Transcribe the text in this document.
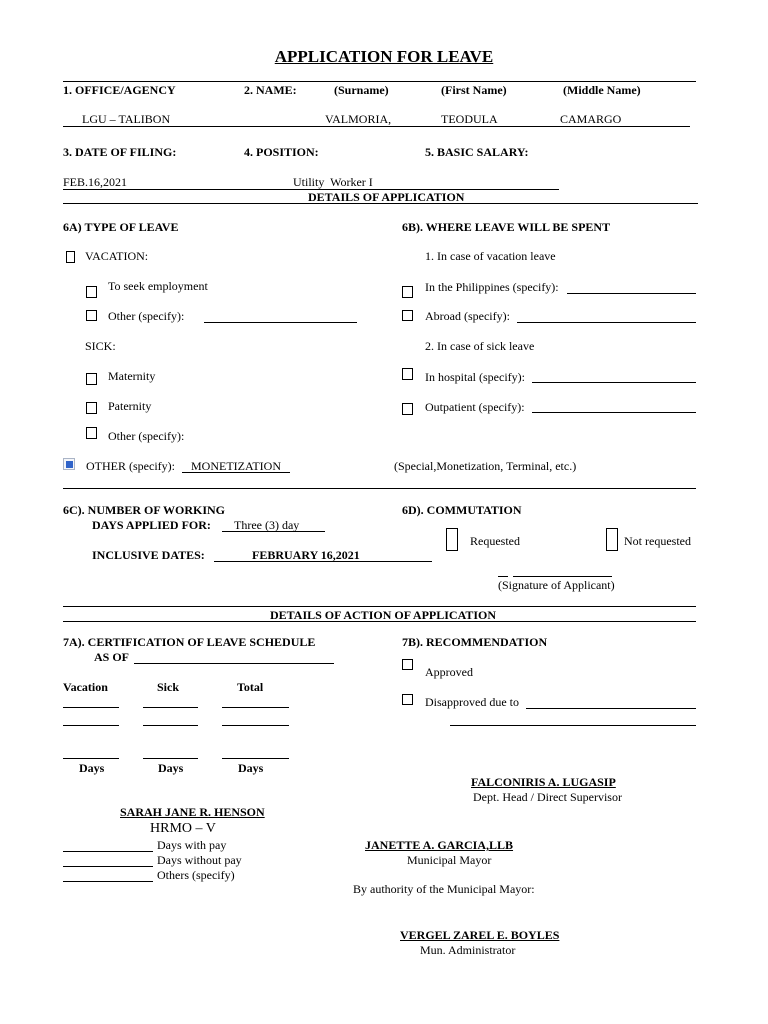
APPLICATION FOR LEAVE
1. OFFICE/AGENCY	2. NAME:	(Surname)	(First Name)	(Middle Name)
LGU – TALIBON	VALMORIA,	TEODULA	CAMARGO
3. DATE OF FILING:	4. POSITION:	5. BASIC SALARY:
FEB.16,2021	Utility  Worker I
DETAILS OF APPLICATION
6A) TYPE OF LEAVE	6B). WHERE LEAVE WILL BE SPENT
VACATION:	1. In case of vacation leave
To seek employment	In the Philippines (specify):
Other (specify):	Abroad (specify):
SICK:	2. In case of sick leave
Maternity	In hospital (specify):
Paternity	Outpatient (specify):
Other (specify):
OTHER (specify): MONETIZATION	(Special,Monetization, Terminal, etc.)
6C). NUMBER OF WORKING	6D). COMMUTATION
DAYS APPLIED FOR: Three (3) day
Requested	Not requested
INCLUSIVE DATES:	FEBRUARY 16,2021
(Signature of Applicant)
DETAILS OF ACTION OF APPLICATION
7A). CERTIFICATION OF LEAVE SCHEDULE
AS OF
7B). RECOMMENDATION
Approved
Vacation	Sick	Total
Disapproved due to
Days	Days	Days
FALCONIRIS A. LUGASIP
Dept. Head / Direct Supervisor
SARAH JANE R. HENSON
HRMO – V
Days with pay
Days without pay
Others (specify)
JANETTE A. GARCIA,LLB
Municipal Mayor
By authority of the Municipal Mayor:
VERGEL ZAREL E. BOYLES
Mun. Administrator
